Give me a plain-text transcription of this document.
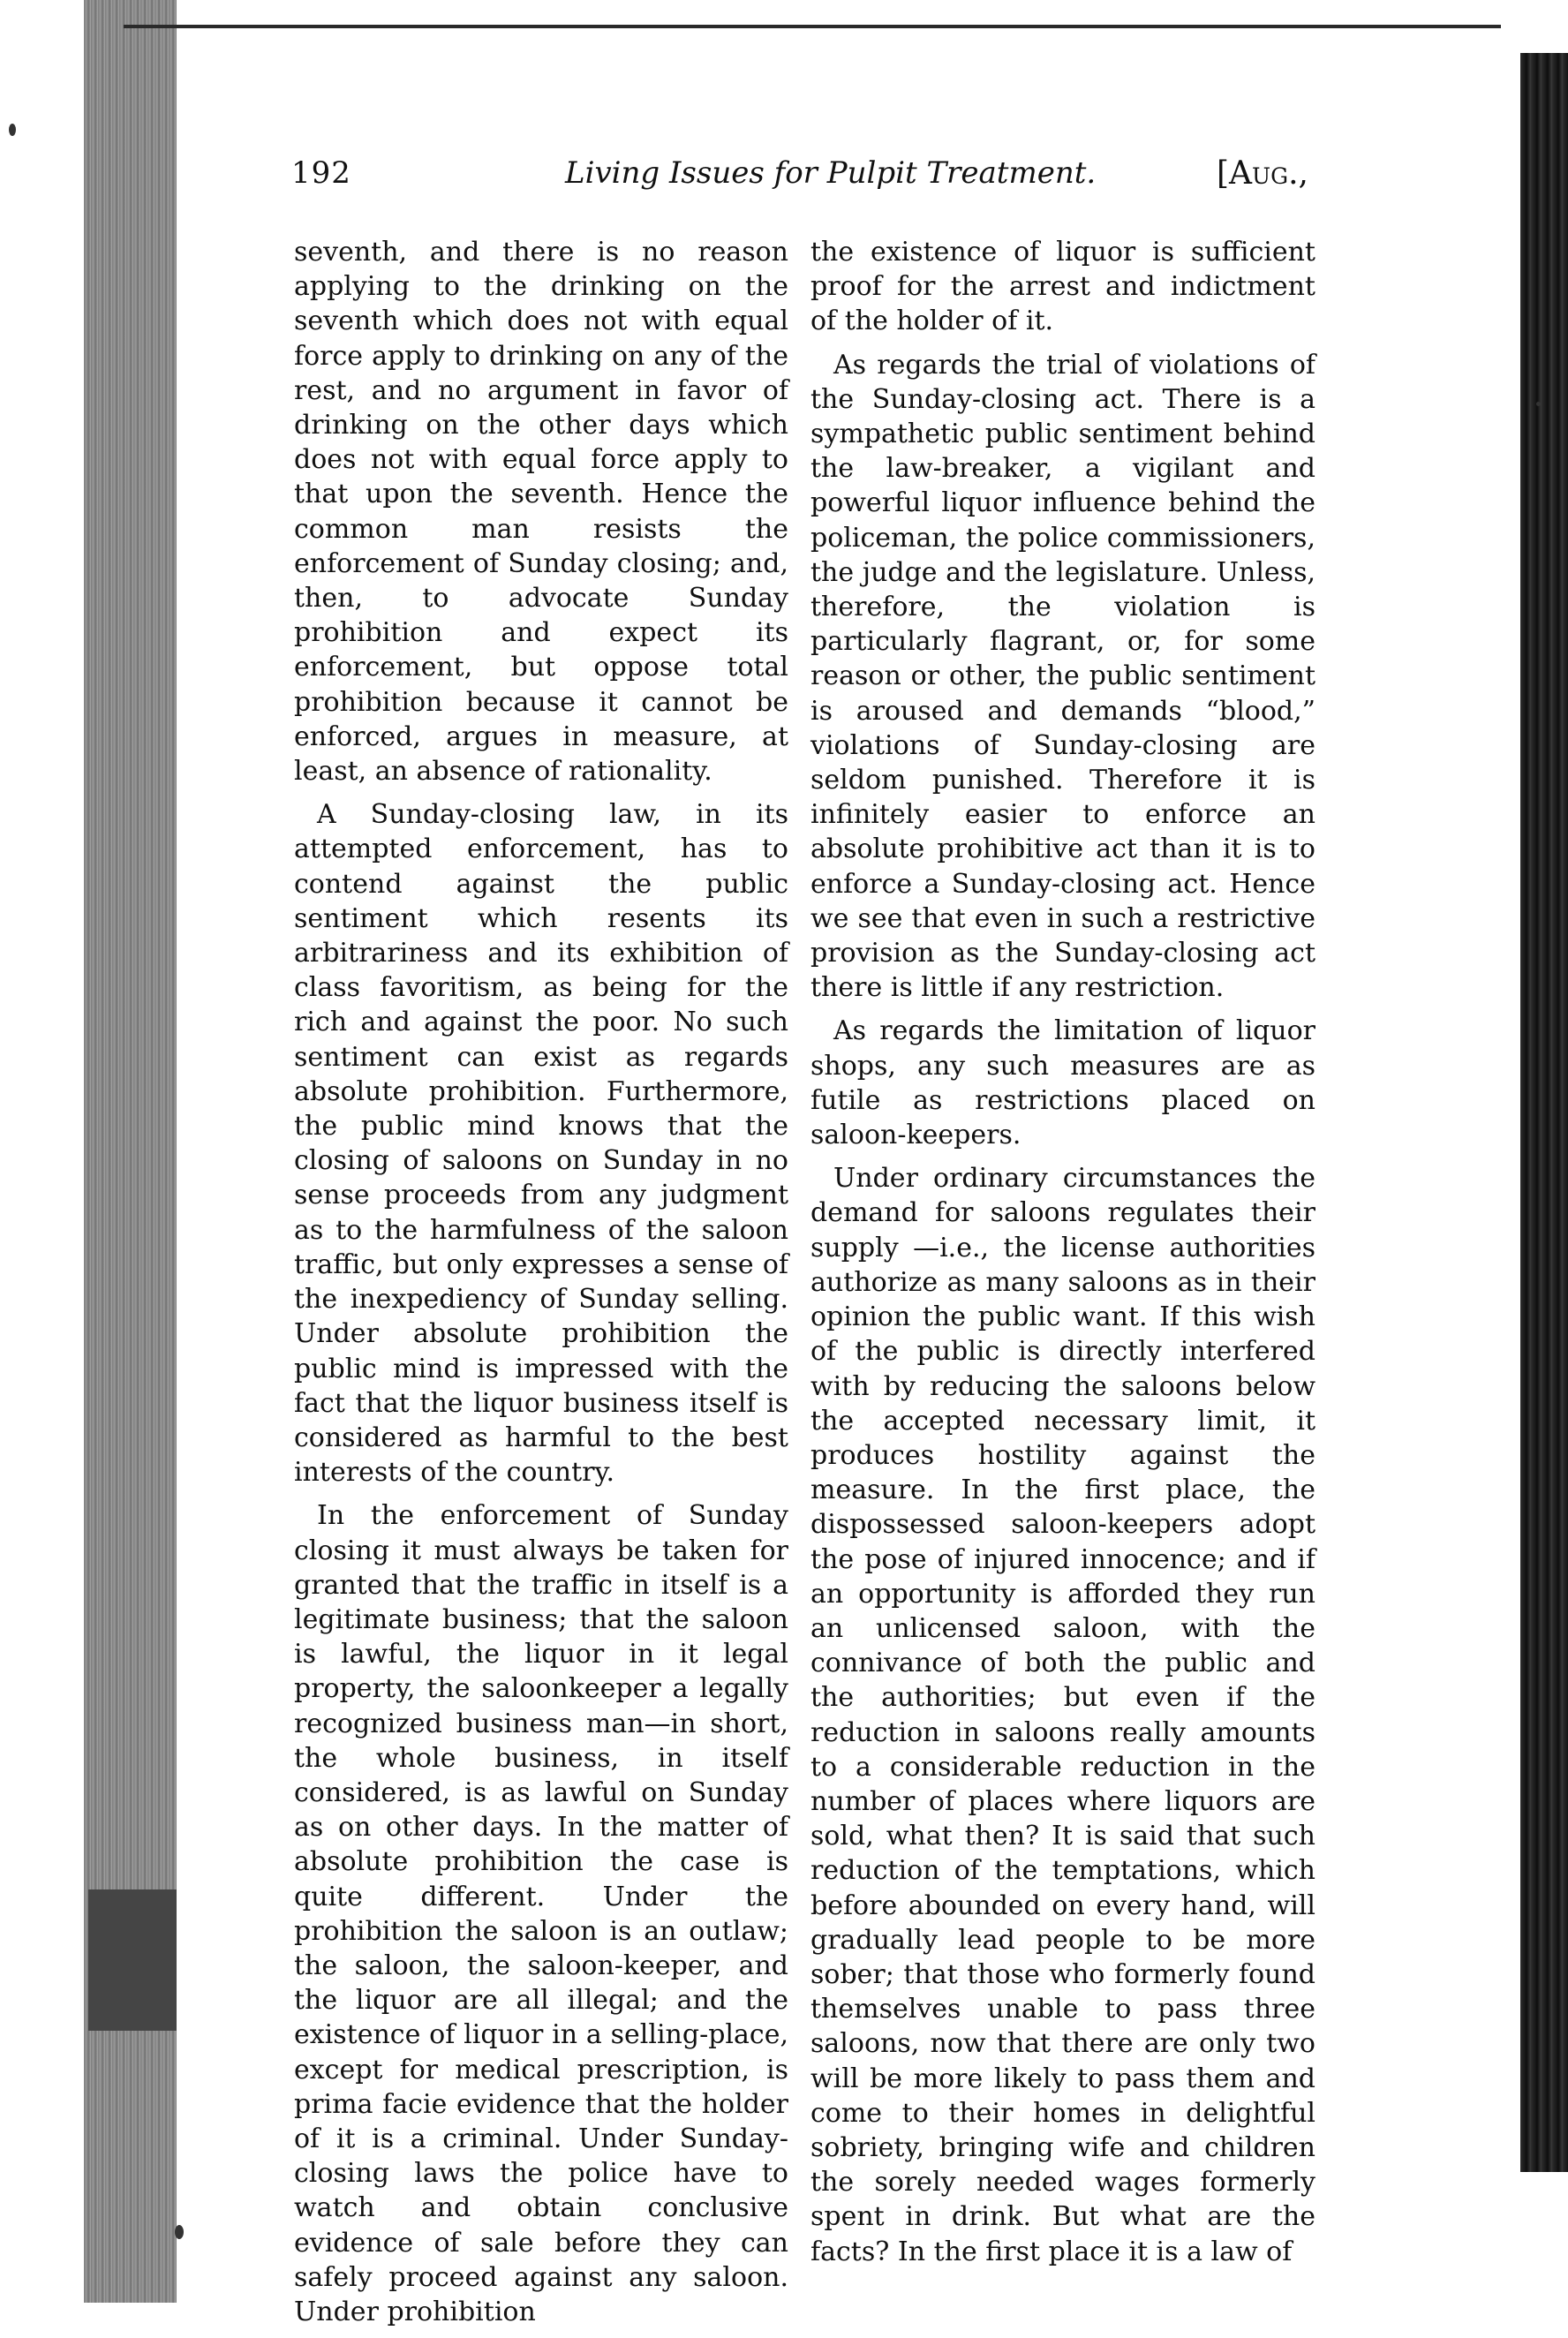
192	Living Issues for Pulpit Treatment.	[Aug.,

seventh, and there is no reason applying to the drinking on the seventh which does not with equal force apply to drinking on any of the rest, and no argument in favor of drinking on the other days which does not with equal force apply to that upon the seventh. Hence the common man resists the enforcement of Sunday closing; and, then, to advocate Sunday prohibition and expect its enforcement, but oppose total prohibition because it cannot be enforced, argues in measure, at least, an absence of rationality.

A Sunday-closing law, in its attempted enforcement, has to contend against the public sentiment which resents its arbitrariness and its exhibition of class favoritism, as being for the rich and against the poor. No such sentiment can exist as regards absolute prohibition. Furthermore, the public mind knows that the closing of saloons on Sunday in no sense proceeds from any judgment as to the harmfulness of the saloon traffic, but only expresses a sense of the inexpediency of Sunday selling. Under absolute prohibition the public mind is impressed with the fact that the liquor business itself is considered as harmful to the best interests of the country.

In the enforcement of Sunday closing it must always be taken for granted that the traffic in itself is a legitimate business; that the saloon is lawful, the liquor in it legal property, the saloonkeeper a legally recognized business man—in short, the whole business, in itself considered, is as lawful on Sunday as on other days. In the matter of absolute prohibition the case is quite different. Under the prohibition the saloon is an outlaw; the saloon, the saloon-keeper, and the liquor are all illegal; and the existence of liquor in a selling-place, except for medical prescription, is prima facie evidence that the holder of it is a criminal. Under Sunday-closing laws the police have to watch and obtain conclusive evidence of sale before they can safely proceed against any saloon. Under prohibition

the existence of liquor is sufficient proof for the arrest and indictment of the holder of it.

As regards the trial of violations of the Sunday-closing act. There is a sympathetic public sentiment behind the law-breaker, a vigilant and powerful liquor influence behind the policeman, the police commissioners, the judge and the legislature. Unless, therefore, the violation is particularly flagrant, or, for some reason or other, the public sentiment is aroused and demands “blood,” violations of Sunday-closing are seldom punished. Therefore it is infinitely easier to enforce an absolute prohibitive act than it is to enforce a Sunday-closing act. Hence we see that even in such a restrictive provision as the Sunday-closing act there is little if any restriction.

As regards the limitation of liquor shops, any such measures are as futile as restrictions placed on saloon-keepers.

Under ordinary circumstances the demand for saloons regulates their supply —i.e., the license authorities authorize as many saloons as in their opinion the public want. If this wish of the public is directly interfered with by reducing the saloons below the accepted necessary limit, it produces hostility against the measure. In the first place, the dispossessed saloon-keepers adopt the pose of injured innocence; and if an opportunity is afforded they run an unlicensed saloon, with the connivance of both the public and the authorities; but even if the reduction in saloons really amounts to a considerable reduction in the number of places where liquors are sold, what then? It is said that such reduction of the temptations, which before abounded on every hand, will gradually lead people to be more sober; that those who formerly found themselves unable to pass three saloons, now that there are only two will be more likely to pass them and come to their homes in delightful sobriety, bringing wife and children the sorely needed wages formerly spent in drink. But what are the facts? In the first place it is a law of
